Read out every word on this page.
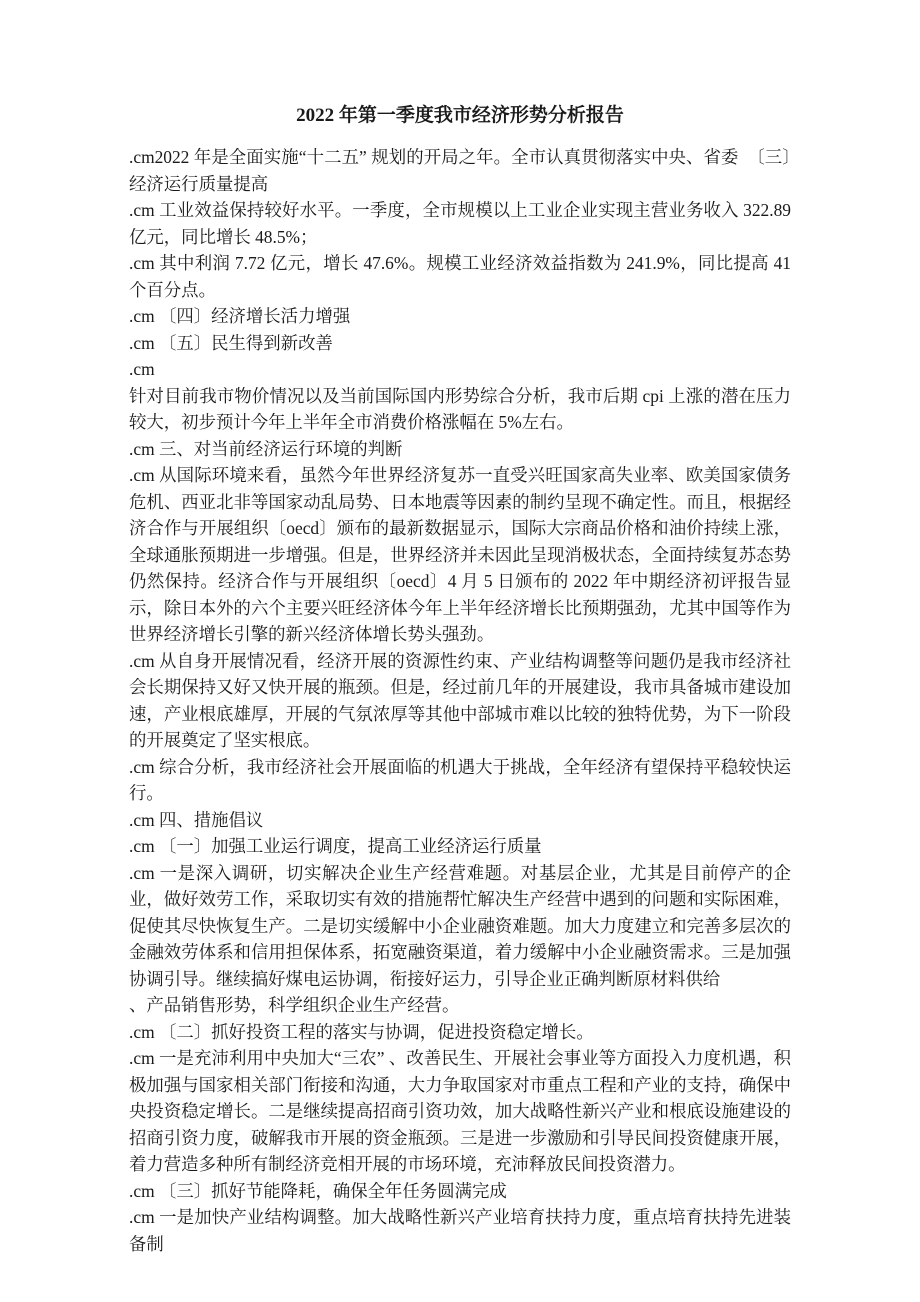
2022 年第一季度我市经济形势分析报告

.cm2022 年是全面实施“十二五” 规划的开局之年。全市认真贯彻落实中央、省委　〔三〕经济运行质量提高

.cm 工业效益保持较好水平。一季度，全市规模以上工业企业实现主营业务收入 322.89 亿元，同比增长 48.5%；

.cm 其中利润 7.72 亿元，增长 47.6%。规模工业经济效益指数为 241.9%，同比提高 41 个百分点。

.cm 〔四〕经济增长活力增强

.cm 〔五〕民生得到新改善

.cm

针对目前我市物价情况以及当前国际国内形势综合分析，我市后期 cpi 上涨的潜在压力较大，初步预计今年上半年全市消费价格涨幅在 5%左右。

.cm 三、对当前经济运行环境的判断

.cm 从国际环境来看，虽然今年世界经济复苏一直受兴旺国家高失业率、欧美国家债务危机、西亚北非等国家动乱局势、日本地震等因素的制约呈现不确定性。而且，根据经济合作与开展组织〔oecd〕颁布的最新数据显示，国际大宗商品价格和油价持续上涨，全球通胀预期进一步增强。但是，世界经济并未因此呈现消极状态，全面持续复苏态势仍然保持。经济合作与开展组织〔oecd〕4 月 5 日颁布的 2022 年中期经济初评报告显示，除日本外的六个主要兴旺经济体今年上半年经济增长比预期强劲，尤其中国等作为世界经济增长引擎的新兴经济体增长势头强劲。

.cm 从自身开展情况看，经济开展的资源性约束、产业结构调整等问题仍是我市经济社会长期保持又好又快开展的瓶颈。但是，经过前几年的开展建设，我市具备城市建设加速，产业根底雄厚，开展的气氛浓厚等其他中部城市难以比较的独特优势，为下一阶段的开展奠定了坚实根底。

.cm 综合分析，我市经济社会开展面临的机遇大于挑战，全年经济有望保持平稳较快运行。

.cm 四、措施倡议

.cm 〔一〕加强工业运行调度，提高工业经济运行质量

.cm 一是深入调研，切实解决企业生产经营难题。对基层企业，尤其是目前停产的企业，做好效劳工作，采取切实有效的措施帮忙解决生产经营中遇到的问题和实际困难，促使其尽快恢复生产。二是切实缓解中小企业融资难题。加大力度建立和完善多层次的金融效劳体系和信用担保体系，拓宽融资渠道，着力缓解中小企业融资需求。三是加强协调引导。继续搞好煤电运协调，衔接好运力，引导企业正确判断原材料供给

、产品销售形势，科学组织企业生产经营。

.cm 〔二〕抓好投资工程的落实与协调，促进投资稳定增长。

.cm 一是充沛利用中央加大“三农” 、改善民生、开展社会事业等方面投入力度机遇，积极加强与国家相关部门衔接和沟通，大力争取国家对市重点工程和产业的支持，确保中央投资稳定增长。二是继续提高招商引资功效，加大战略性新兴产业和根底设施建设的招商引资力度，破解我市开展的资金瓶颈。三是进一步激励和引导民间投资健康开展，着力营造多种所有制经济竞相开展的市场环境，充沛释放民间投资潜力。

.cm 〔三〕抓好节能降耗，确保全年任务圆满完成

.cm 一是加快产业结构调整。加大战略性新兴产业培育扶持力度，重点培育扶持先进装备制
